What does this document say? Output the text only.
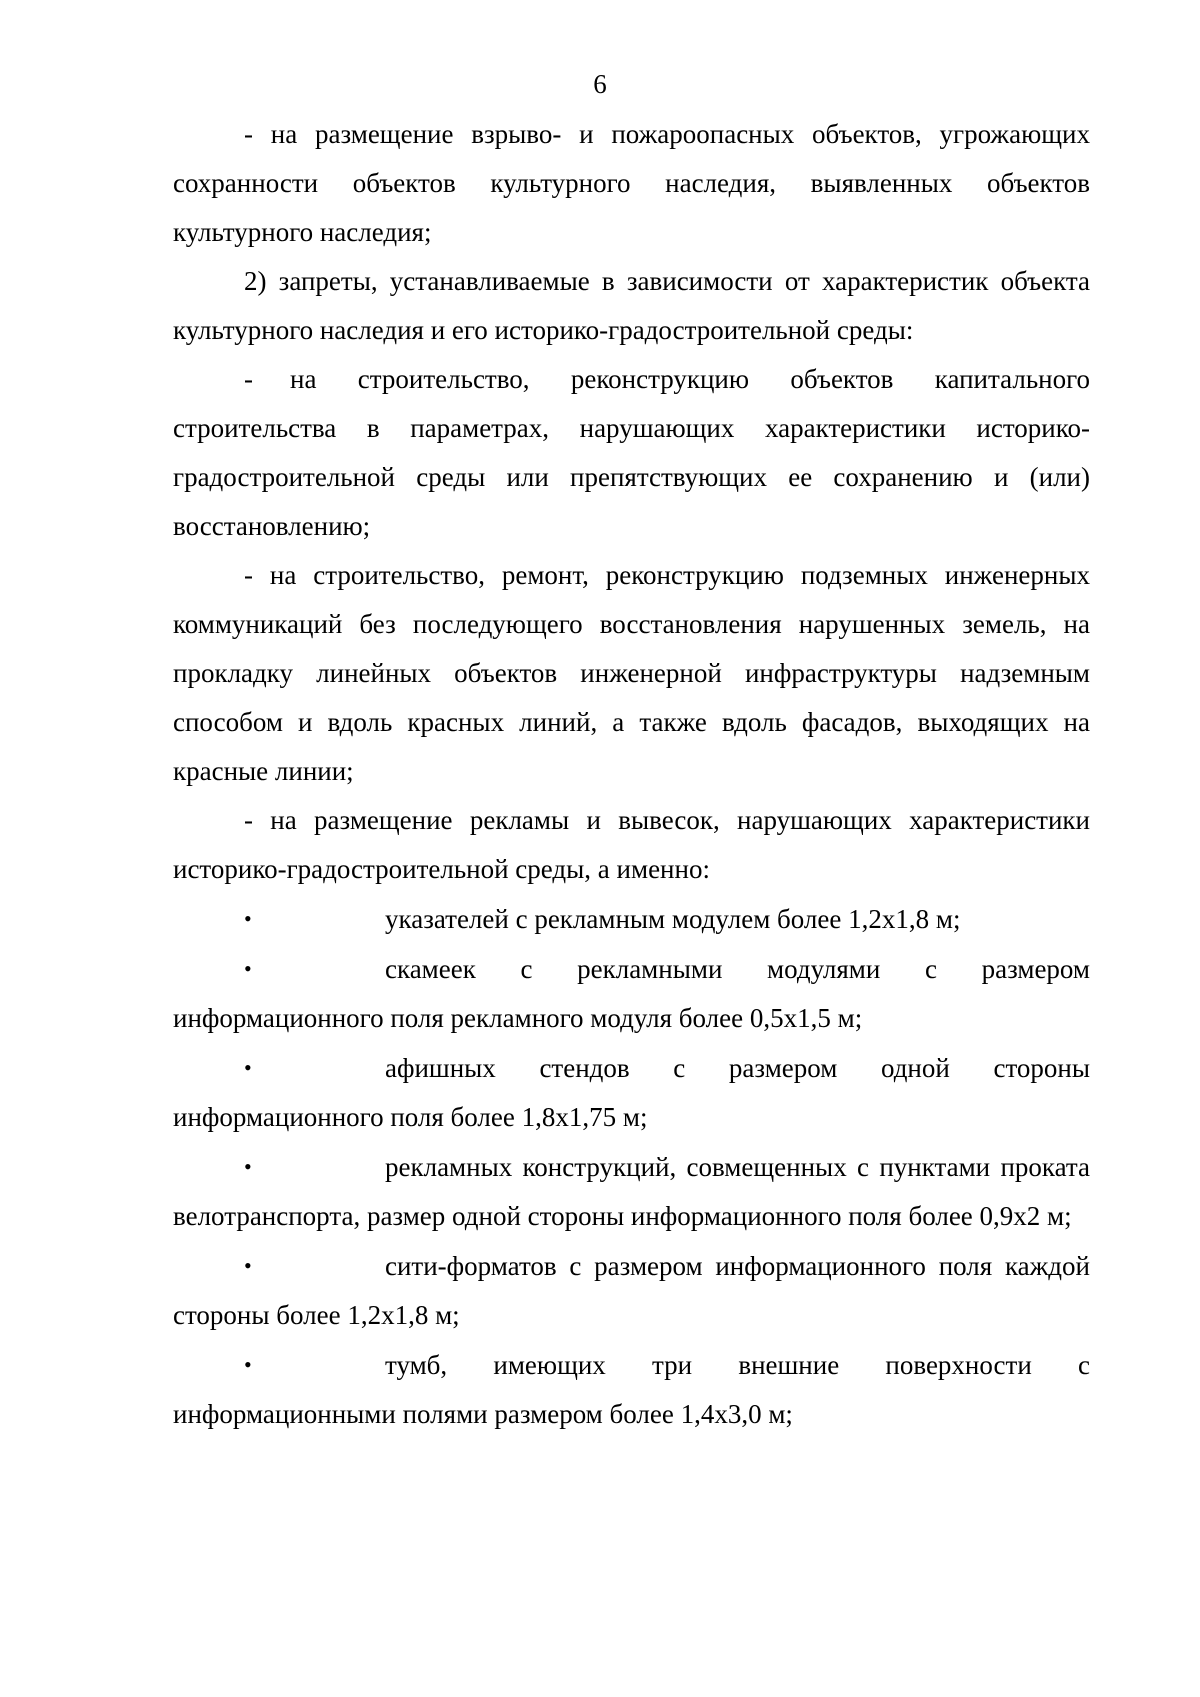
6

- на размещение взрыво- и пожароопасных объектов, угрожающих сохранности объектов культурного наследия, выявленных объектов культурного наследия;

2) запреты, устанавливаемые в зависимости от характеристик объекта культурного наследия и его историко-градостроительной среды:

- на строительство, реконструкцию объектов капитального строительства в параметрах, нарушающих характеристики историко-градостроительной среды или препятствующих ее сохранению и (или) восстановлению;

- на строительство, ремонт, реконструкцию подземных инженерных коммуникаций без последующего восстановления нарушенных земель, на прокладку линейных объектов инженерной инфраструктуры надземным способом и вдоль красных линий, а также вдоль фасадов, выходящих на красные линии;

- на размещение рекламы и вывесок, нарушающих характеристики историко-градостроительной среды, а именно:

•	указателей с рекламным модулем более 1,2х1,8 м;

•	скамеек с рекламными модулями с размером информационного поля рекламного модуля более 0,5х1,5 м;

•	афишных стендов с размером одной стороны информационного поля более 1,8х1,75 м;

•	рекламных конструкций, совмещенных с пунктами проката велотранспорта, размер одной стороны информационного поля более 0,9х2 м;

•	сити-форматов с размером информационного поля каждой стороны более 1,2х1,8 м;

•	тумб, имеющих три внешние поверхности с информационными полями размером более 1,4х3,0 м;
